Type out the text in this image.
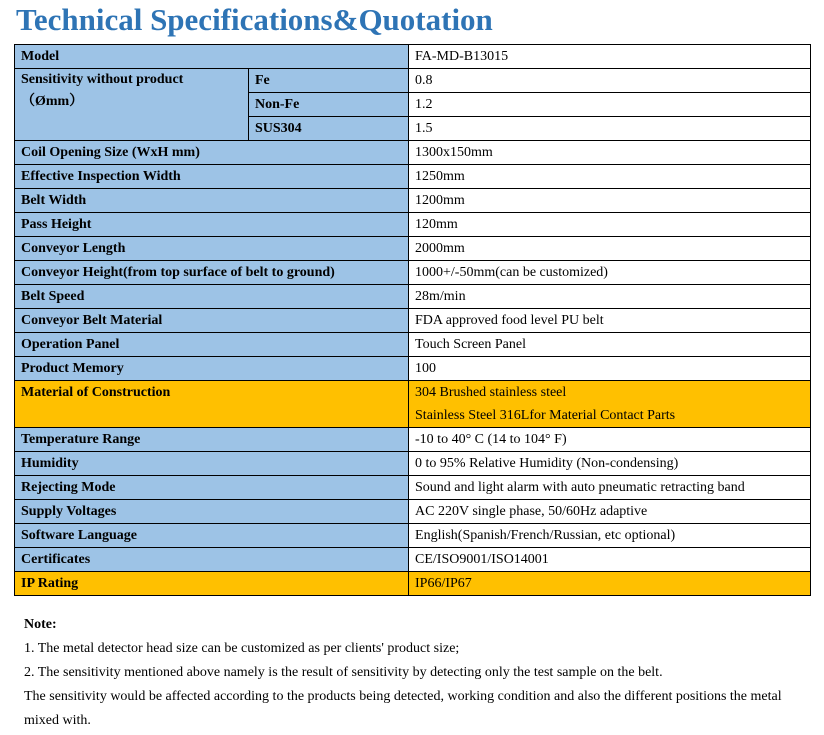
Technical Specifications&Quotation
Model		FA-MD-B13015
Sensitivity without product
（Ømm）	Fe	0.8
	Non-Fe	1.2
	SUS304	1.5
Coil Opening Size (WxH mm)		1300x150mm
Effective Inspection Width		1250mm
Belt Width		1200mm
Pass Height		120mm
Conveyor Length		2000mm
Conveyor Height(from top surface of belt to ground)		1000+/-50mm(can be customized)
Belt Speed		28m/min
Conveyor Belt Material		FDA approved food level PU belt
Operation Panel		Touch Screen Panel
Product Memory		100
Material of Construction		304 Brushed stainless steel
Stainless Steel 316Lfor Material Contact Parts

Temperature Range		-10 to 40° C (14 to 104° F)
Humidity		0 to 95% Relative Humidity (Non-condensing)
Rejecting Mode		Sound and light alarm with auto pneumatic retracting band
Supply Voltages		AC 220V single phase, 50/60Hz adaptive
Software Language		English(Spanish/French/Russian, etc optional)
Certificates		CE/ISO9001/ISO14001
IP Rating		IP66/IP67
Note:
1. The metal detector head size can be customized as per clients' product size;
2. The sensitivity mentioned above namely is the result of sensitivity by detecting only the test sample on the belt.
The sensitivity would be affected according to the products being detected, working condition and also the different positions the metal mixed with.
